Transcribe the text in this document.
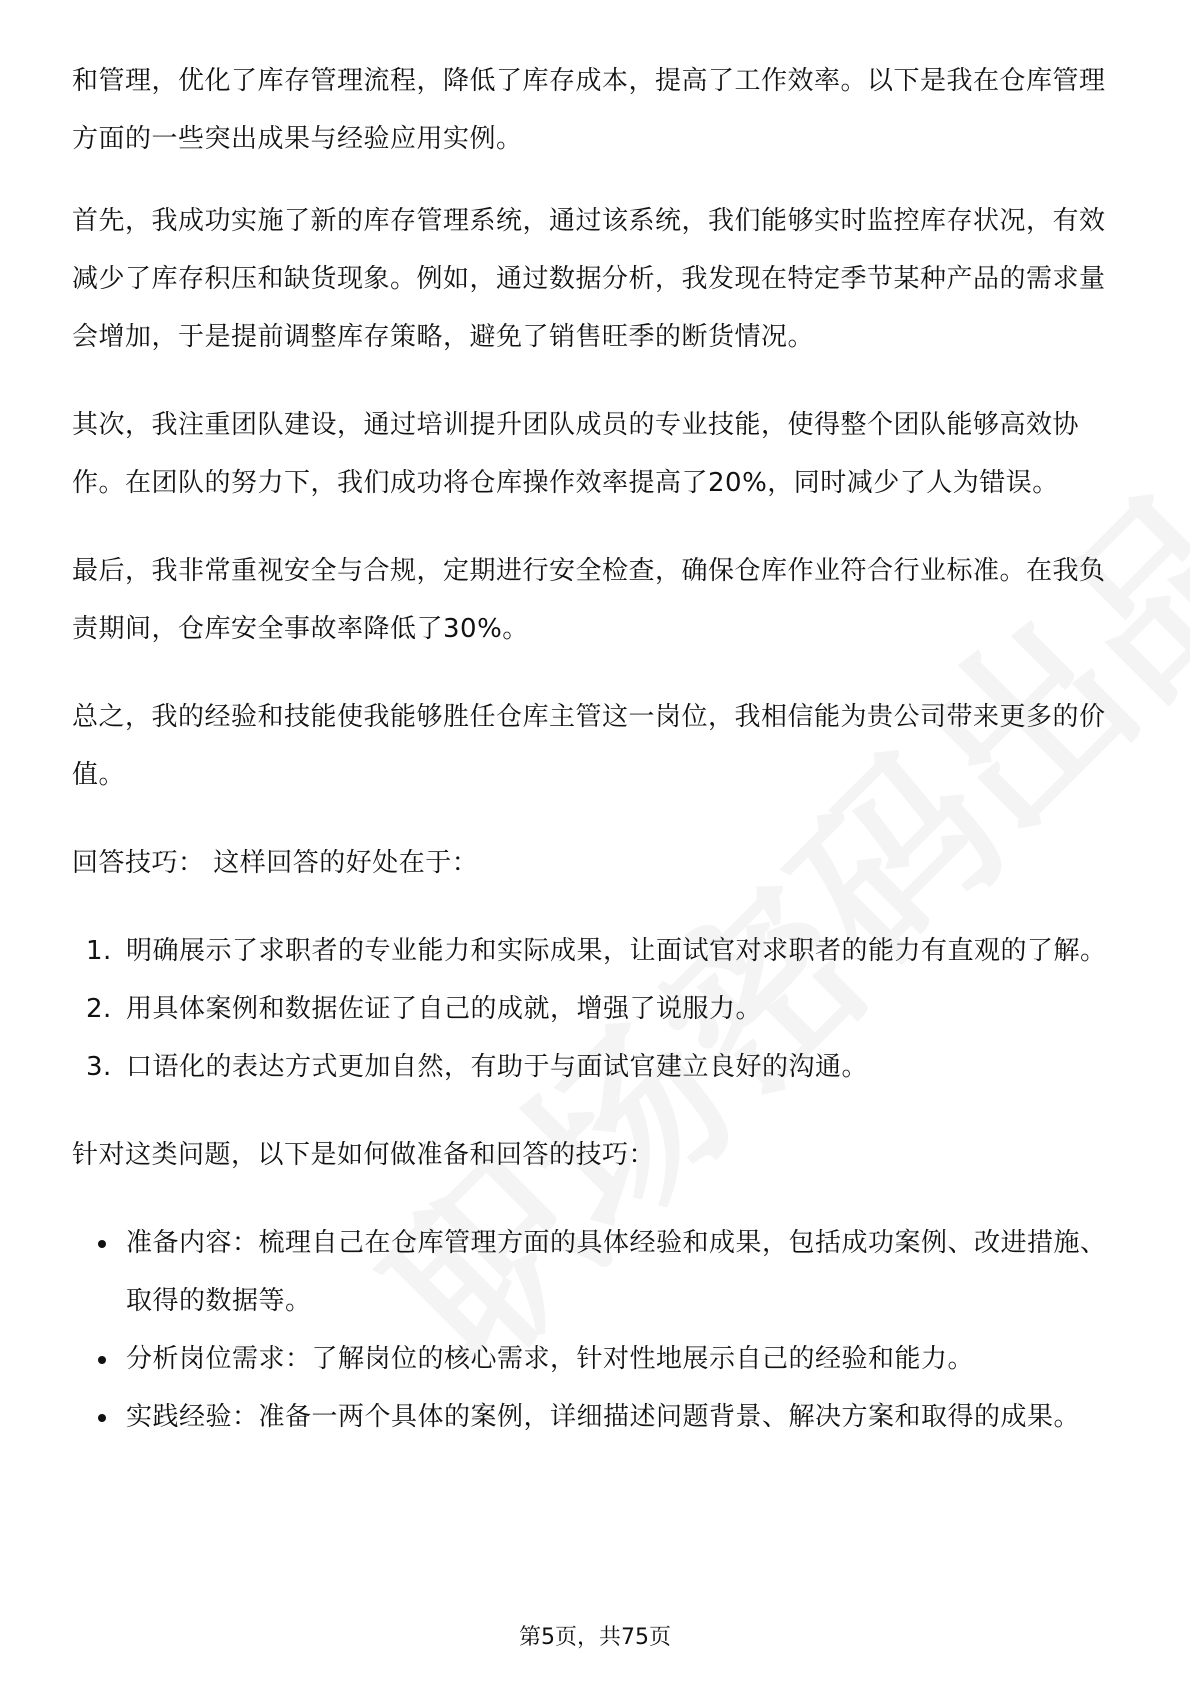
和管理，优化了库存管理流程，降低了库存成本，提高了工作效率。以下是我在仓库管理方面的一些突出成果与经验应用实例。

首先，我成功实施了新的库存管理系统，通过该系统，我们能够实时监控库存状况，有效减少了库存积压和缺货现象。例如，通过数据分析，我发现在特定季节某种产品的需求量会增加，于是提前调整库存策略，避免了销售旺季的断货情况。

其次，我注重团队建设，通过培训提升团队成员的专业技能，使得整个团队能够高效协作。在团队的努力下，我们成功将仓库操作效率提高了20%，同时减少了人为错误。

最后，我非常重视安全与合规，定期进行安全检查，确保仓库作业符合行业标准。在我负责期间，仓库安全事故率降低了30%。

总之，我的经验和技能使我能够胜任仓库主管这一岗位，我相信能为贵公司带来更多的价值。

回答技巧： 这样回答的好处在于：

1. 明确展示了求职者的专业能力和实际成果，让面试官对求职者的能力有直观的了解。
2. 用具体案例和数据佐证了自己的成就，增强了说服力。
3. 口语化的表达方式更加自然，有助于与面试官建立良好的沟通。

针对这类问题，以下是如何做准备和回答的技巧：

准备内容：梳理自己在仓库管理方面的具体经验和成果，包括成功案例、改进措施、取得的数据等。
分析岗位需求：了解岗位的核心需求，针对性地展示自己的经验和能力。
实践经验：准备一两个具体的案例，详细描述问题背景、解决方案和取得的成果。
第5页，共75页
